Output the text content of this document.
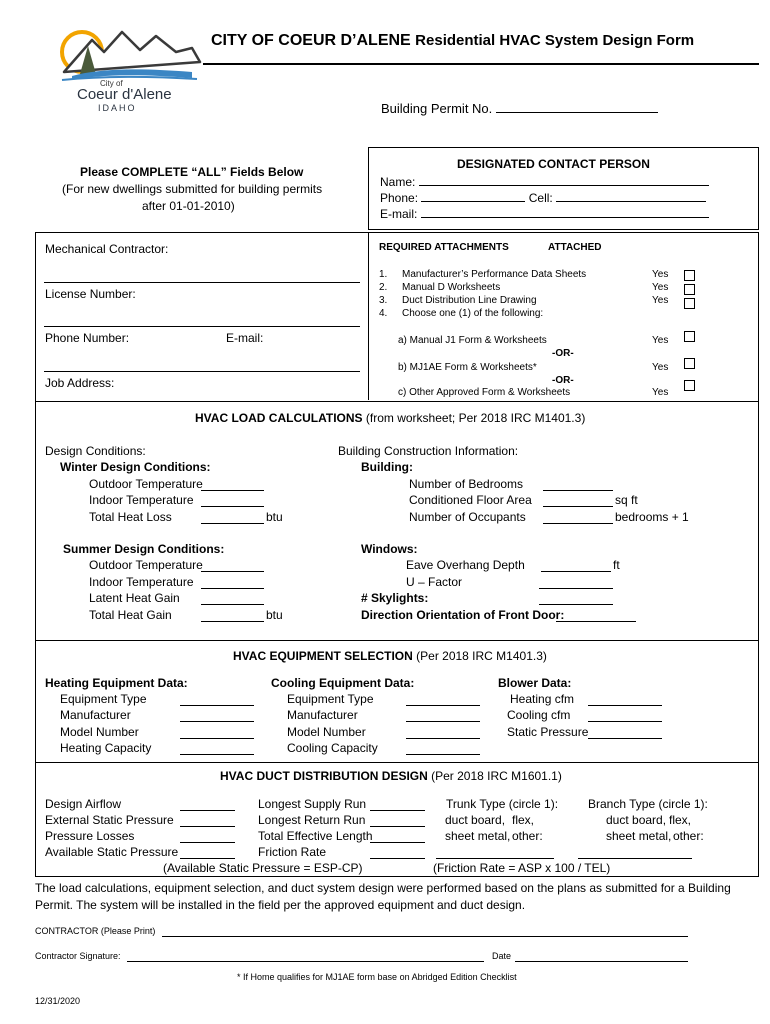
City of
Coeur d'Alene
IDAHO
CITY OF COEUR D’ALENE Residential HVAC System Design Form
Building Permit No.
Please COMPLETE “ALL” Fields Below
(For new dwellings submitted for building permits
after 01-01-2010)
DESIGNATED CONTACT PERSON
Name:
Phone:	Cell:
E-mail:
Mechanical Contractor:
License Number:
Phone Number:	E-mail:
Job Address:
REQUIRED ATTACHMENTS	ATTACHED
1. Manufacturer’s Performance Data Sheets	Yes
2. Manual D Worksheets	Yes
3. Duct Distribution Line Drawing	Yes
4. Choose one (1) of the following:
a) Manual J1 Form & Worksheets	Yes
-OR-
b) MJ1AE Form & Worksheets*	Yes
-OR-
c) Other Approved Form & Worksheets	Yes
HVAC LOAD CALCULATIONS (from worksheet; Per 2018 IRC M1401.3)
Design Conditions:
Winter Design Conditions:
Outdoor Temperature
Indoor Temperature
Total Heat Loss	btu
Summer Design Conditions:
Outdoor Temperature
Indoor Temperature
Latent Heat Gain
Total Heat Gain	btu
Building Construction Information:
Building:
Number of Bedrooms
Conditioned Floor Area	sq ft
Number of Occupants	bedrooms + 1
Windows:
Eave Overhang Depth	ft
U – Factor
# Skylights:
Direction Orientation of Front Door:
HVAC EQUIPMENT SELECTION (Per 2018 IRC M1401.3)
Heating Equipment Data:
Equipment Type
Manufacturer
Model Number
Heating Capacity
Cooling Equipment Data:
Equipment Type
Manufacturer
Model Number
Cooling Capacity
Blower Data:
Heating cfm
Cooling cfm
Static Pressure
HVAC DUCT DISTRIBUTION DESIGN (Per 2018 IRC M1601.1)
Design Airflow
External Static Pressure
Pressure Losses
Available Static Pressure
(Available Static Pressure = ESP-CP)
Longest Supply Run
Longest Return Run
Total Effective Length
Friction Rate
(Friction Rate = ASP x 100 / TEL)
Trunk Type (circle 1):
duct board, flex,
sheet metal, other:
Branch Type (circle 1):
duct board, flex,
sheet metal, other:
The load calculations, equipment selection, and duct system design were performed based on the plans as submitted for a Building
Permit. The system will be installed in the field per the approved equipment and duct design.
CONTRACTOR (Please Print)
Contractor Signature:	Date
* If Home qualifies for MJ1AE form base on Abridged Edition Checklist
12/31/2020
